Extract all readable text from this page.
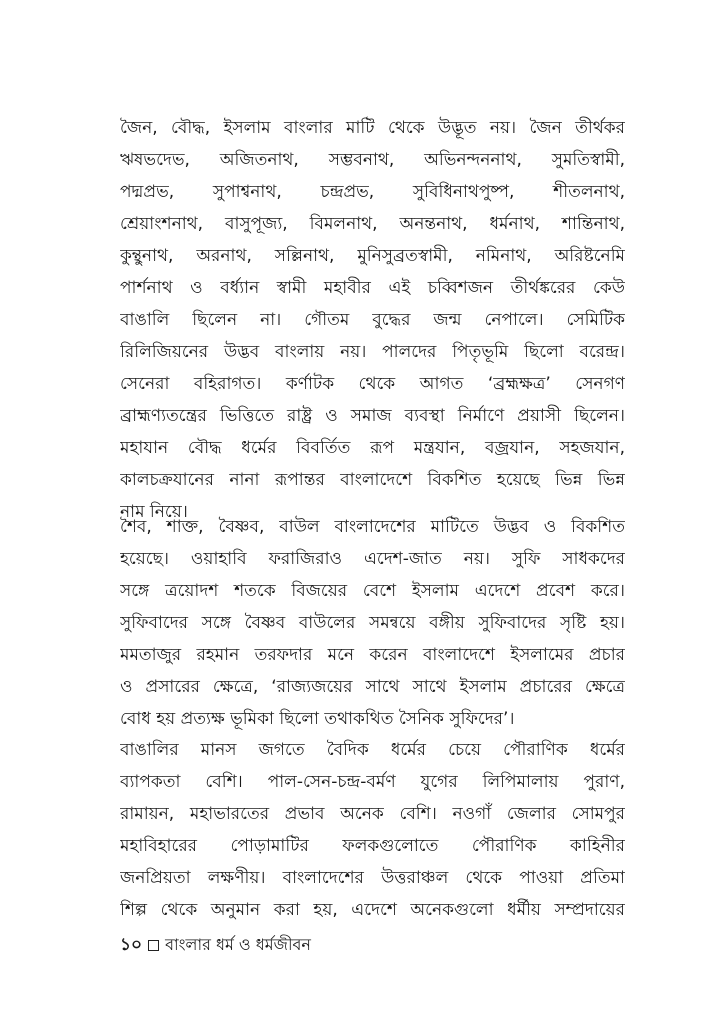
জৈন, বৌদ্ধ, ইসলাম বাংলার মাটি থেকে উদ্ভূত নয়। জৈন তীর্থকর
ঋষভদেভ, অজিতনাথ, সম্ভবনাথ, অভিনন্দননাথ, সুমতিস্বামী,
পদ্মপ্রভ, সুপাশ্বনাথ, চন্দ্রপ্রভ, সুবিধিনাথপুষ্প, শীতলনাথ,
শ্রেয়াংশনাথ, বাসুপূজ্য, বিমলনাথ, অনন্তনাথ, ধর্মনাথ, শান্তিনাথ,
কুন্থুনাথ, অরনাথ, সল্লিনাথ, মুনিসুব্রতস্বামী, নমিনাথ, অরিষ্টনেমি
পার্শনাথ ও বর্ধ্যান স্বামী মহাবীর এই চব্বিশজন তীর্থঙ্করের কেউ
বাঙালি ছিলেন না। গৌতম বুদ্ধের জন্ম নেপালে। সেমিটিক
রিলিজিয়নের উদ্ভব বাংলায় নয়। পালদের পিতৃভূমি ছিলো বরেন্দ্র।
সেনেরা বহিরাগত। কর্ণাটক থেকে আগত ‘ব্রহ্মক্ষত্র’ সেনগণ
ব্রাহ্মণ্যতন্ত্রের ভিত্তিতে রাষ্ট্র ও সমাজ ব্যবস্থা নির্মাণে প্রয়াসী ছিলেন।
মহাযান বৌদ্ধ ধর্মের বিবর্তিত রূপ মন্ত্রযান, বজ্রযান, সহজযান,
কালচক্রযানের নানা রূপান্তর বাংলাদেশে বিকশিত হয়েছে ভিন্ন ভিন্ন
নাম নিয়ে।
শৈব, শাক্ত, বৈষ্ণব, বাউল বাংলাদেশের মাটিতে উদ্ভব ও বিকশিত
হয়েছে। ওয়াহাবি ফরাজিরাও এদেশ-জাত নয়। সুফি সাধকদের
সঙ্গে ত্রয়োদশ শতকে বিজয়ের বেশে ইসলাম এদেশে প্রবেশ করে।
সুফিবাদের সঙ্গে বৈষ্ণব বাউলের সমন্বয়ে বঙ্গীয় সুফিবাদের সৃষ্টি হয়।
মমতাজুর রহমান তরফদার মনে করেন বাংলাদেশে ইসলামের প্রচার
ও প্রসারের ক্ষেত্রে, ‘রাজ্যজয়ের সাথে সাথে ইসলাম প্রচারের ক্ষেত্রে
বোধ হয় প্রত্যক্ষ ভূমিকা ছিলো তথাকথিত সৈনিক সুফিদের’।
বাঙালির মানস জগতে বৈদিক ধর্মের চেয়ে পৌরাণিক ধর্মের
ব্যাপকতা বেশি। পাল-সেন-চন্দ্র-বর্মণ যুগের লিপিমালায় পুরাণ,
রামায়ন, মহাভারতের প্রভাব অনেক বেশি। নওগাঁ জেলার সোমপুর
মহাবিহারের পোড়ামাটির ফলকগুলোতে পৌরাণিক কাহিনীর
জনপ্রিয়তা লক্ষণীয়। বাংলাদেশের উত্তরাঞ্চল থেকে পাওয়া প্রতিমা
শিল্প থেকে অনুমান করা হয়, এদেশে অনেকগুলো ধর্মীয় সম্প্রদায়ের
১০ বাংলার ধর্ম ও ধর্মজীবন
